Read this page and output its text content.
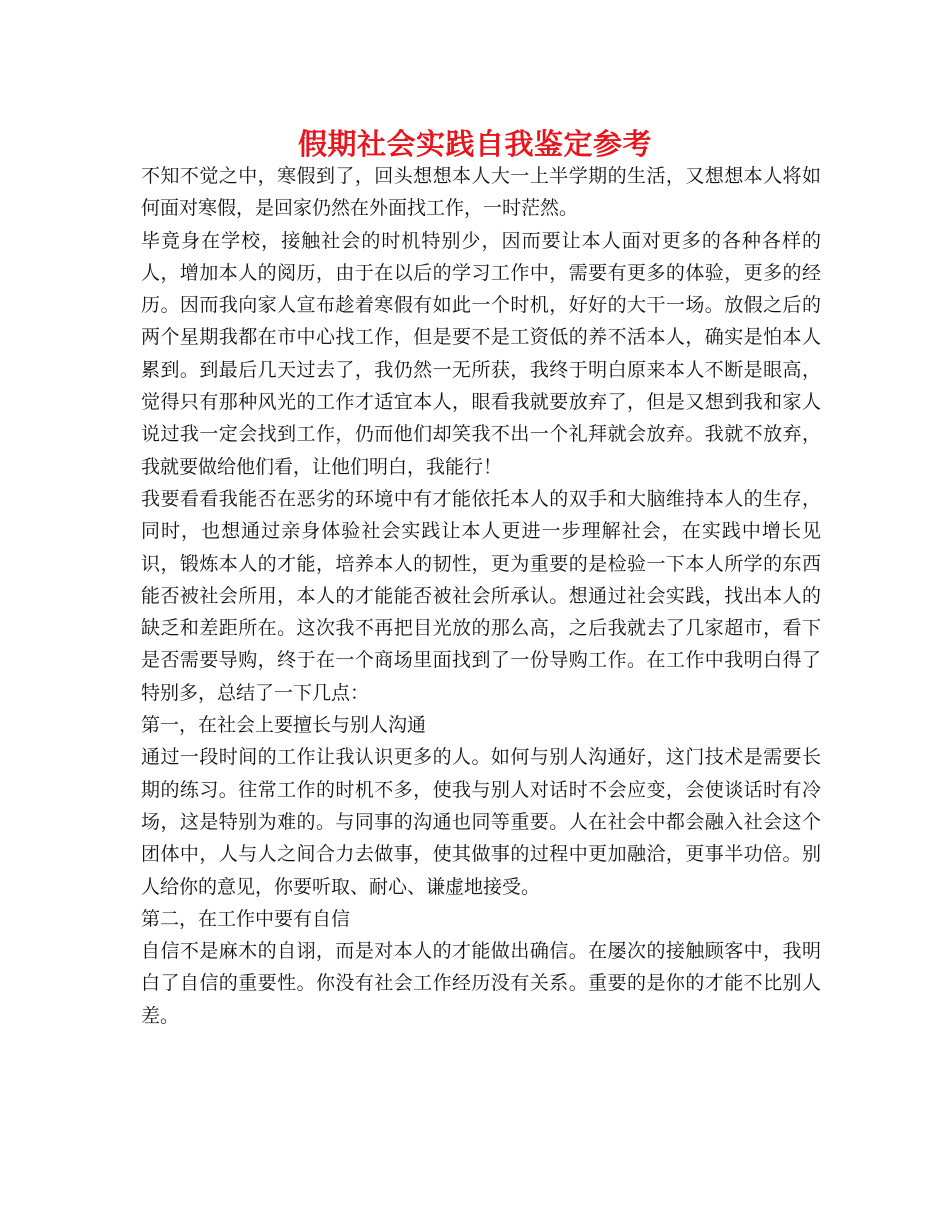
假期社会实践自我鉴定参考

不知不觉之中，寒假到了，回头想想本人大一上半学期的生活，又想想本人将如何面对寒假，是回家仍然在外面找工作，一时茫然。

毕竟身在学校，接触社会的时机特别少，因而要让本人面对更多的各种各样的人，增加本人的阅历，由于在以后的学习工作中，需要有更多的体验，更多的经历。因而我向家人宣布趁着寒假有如此一个时机，好好的大干一场。放假之后的两个星期我都在市中心找工作，但是要不是工资低的养不活本人，确实是怕本人累到。到最后几天过去了，我仍然一无所获，我终于明白原来本人不断是眼高，觉得只有那种风光的工作才适宜本人，眼看我就要放弃了，但是又想到我和家人说过我一定会找到工作，仍而他们却笑我不出一个礼拜就会放弃。我就不放弃，我就要做给他们看，让他们明白，我能行！

我要看看我能否在恶劣的环境中有才能依托本人的双手和大脑维持本人的生存，同时，也想通过亲身体验社会实践让本人更进一步理解社会，在实践中增长见识，锻炼本人的才能，培养本人的韧性，更为重要的是检验一下本人所学的东西能否被社会所用，本人的才能能否被社会所承认。想通过社会实践，找出本人的缺乏和差距所在。这次我不再把目光放的那么高，之后我就去了几家超市，看下是否需要导购，终于在一个商场里面找到了一份导购工作。在工作中我明白得了特别多，总结了一下几点：

第一，在社会上要擅长与别人沟通

通过一段时间的工作让我认识更多的人。如何与别人沟通好，这门技术是需要长期的练习。往常工作的时机不多，使我与别人对话时不会应变，会使谈话时有冷场，这是特别为难的。与同事的沟通也同等重要。人在社会中都会融入社会这个团体中，人与人之间合力去做事，使其做事的过程中更加融洽，更事半功倍。别人给你的意见，你要听取、耐心、谦虚地接受。

第二，在工作中要有自信

自信不是麻木的自诩，而是对本人的才能做出确信。在屡次的接触顾客中，我明白了自信的重要性。你没有社会工作经历没有关系。重要的是你的才能不比别人差。
